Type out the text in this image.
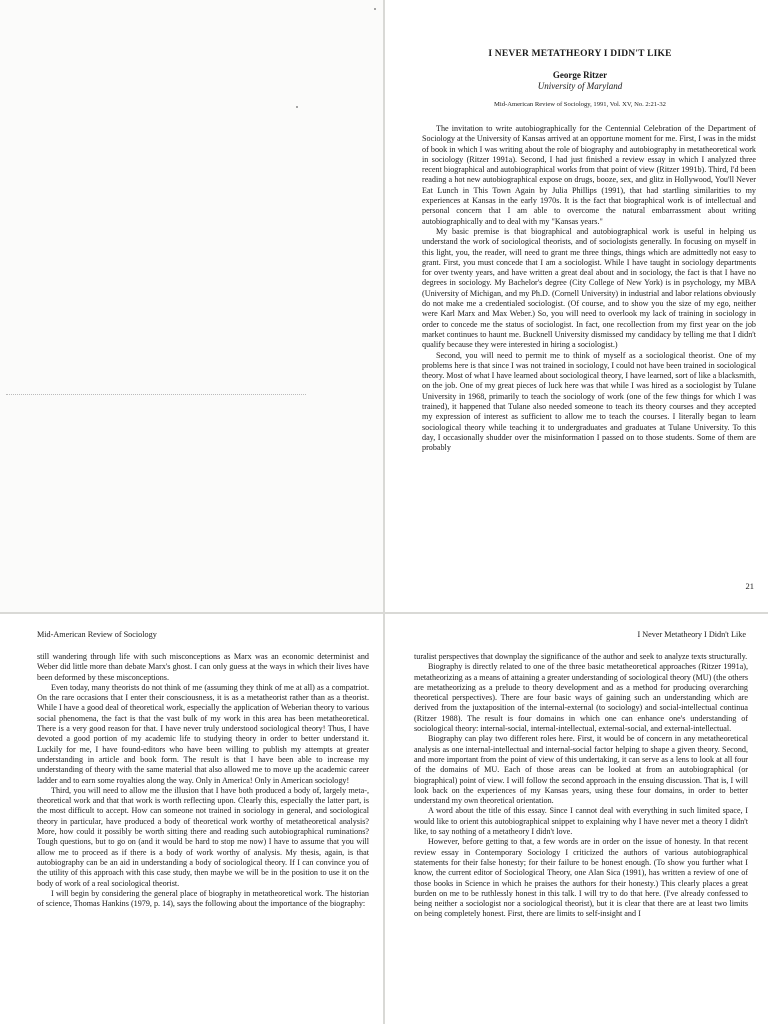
I NEVER METATHEORY I DIDN'T LIKE
George Ritzer
University of Maryland
Mid-American Review of Sociology, 1991, Vol. XV, No. 2:21-32

The invitation to write autobiographically for the Centennial Celebration of the Department of Sociology at the University of Kansas arrived at an opportune moment for me. First, I was in the midst of book in which I was writing about the role of biography and autobiography in metatheoretical work in sociology (Ritzer 1991a). Second, I had just finished a review essay in which I analyzed three recent biographical and autobiographical works from that point of view (Ritzer 1991b). Third, I'd been reading a hot new autobiographical expose on drugs, booze, sex, and glitz in Hollywood, You'll Never Eat Lunch in This Town Again by Julia Phillips (1991), that had startling similarities to my experiences at Kansas in the early 1970s. It is the fact that biographical work is of intellectual and personal concern that I am able to overcome the natural embarrassment about writing autobiographically and to deal with my "Kansas years."

My basic premise is that biographical and autobiographical work is useful in helping us understand the work of sociological theorists, and of sociologists generally. In focusing on myself in this light, you, the reader, will need to grant me three things, things which are admittedly not easy to grant. First, you must concede that I am a sociologist. While I have taught in sociology departments for over twenty years, and have written a great deal about and in sociology, the fact is that I have no degrees in sociology. My Bachelor's degree (City College of New York) is in psychology, my MBA (University of Michigan, and my Ph.D. (Cornell University) in industrial and labor relations obviously do not make me a credentialed sociologist. (Of course, and to show you the size of my ego, neither were Karl Marx and Max Weber.) So, you will need to overlook my lack of training in sociology in order to concede me the status of sociologist. In fact, one recollection from my first year on the job market continues to haunt me. Bucknell University dismissed my candidacy by telling me that I didn't qualify because they were interested in hiring a sociologist.)

Second, you will need to permit me to think of myself as a sociological theorist. One of my problems here is that since I was not trained in sociology, I could not have been trained in sociological theory. Most of what I have learned about sociological theory, I have learned, sort of like a blacksmith, on the job. One of my great pieces of luck here was that while I was hired as a sociologist by Tulane University in 1968, primarily to teach the sociology of work (one of the few things for which I was trained), it happened that Tulane also needed someone to teach its theory courses and they accepted my expression of interest as sufficient to allow me to teach the courses. I literally began to learn sociological theory while teaching it to undergraduates and graduates at Tulane University. To this day, I occasionally shudder over the misinformation I passed on to those students. Some of them are probably

21
Mid-American Review of Sociology

still wandering through life with such misconceptions as Marx was an economic determinist and Weber did little more than debate Marx's ghost. I can only guess at the ways in which their lives have been deformed by these misconceptions.

Even today, many theorists do not think of me (assuming they think of me at all) as a compatriot. On the rare occasions that I enter their consciousness, it is as a metatheorist rather than as a theorist. While I have a good deal of theoretical work, especially the application of Weberian theory to various social phenomena, the fact is that the vast bulk of my work in this area has been metatheoretical. There is a very good reason for that. I have never truly understood sociological theory! Thus, I have devoted a good portion of my academic life to studying theory in order to better understand it. Luckily for me, I have found-editors who have been willing to publish my attempts at greater understanding in article and book form. The result is that I have been able to increase my understanding of theory with the same material that also allowed me to move up the academic career ladder and to earn some royalties along the way. Only in America! Only in American sociology!

Third, you will need to allow me the illusion that I have both produced a body of, largely meta-, theoretical work and that that work is worth reflecting upon. Clearly this, especially the latter part, is the most difficult to accept. How can someone not trained in sociology in general, and sociological theory in particular, have produced a body of theoretical work worthy of metatheoretical analysis? More, how could it possibly be worth sitting there and reading such autobiographical ruminations? Tough questions, but to go on (and it would be hard to stop me now) I have to assume that you will allow me to proceed as if there is a body of work worthy of analysis. My thesis, again, is that autobiography can be an aid in understanding a body of sociological theory. If I can convince you of the utility of this approach with this case study, then maybe we will be in the position to use it on the body of work of a real sociological theorist.

I will begin by considering the general place of biography in metatheoretical work. The historian of science, Thomas Hankins (1979, p. 14), says the following about the importance of the biography:

I Never Metatheory I Didn't Like

turalist perspectives that downplay the significance of the author and seek to analyze texts structurally.

Biography is directly related to one of the three basic metatheoretical approaches (Ritzer 1991a), metatheorizing as a means of attaining a greater understanding of sociological theory (MU) (the others are metatheorizing as a prelude to theory development and as a method for producing overarching theoretical perspectives). There are four basic ways of gaining such an understanding which are derived from the juxtaposition of the internal-external (to sociology) and social-intellectual continua (Ritzer 1988). The result is four domains in which one can enhance one's understanding of sociological theory: internal-social, internal-intellectual, external-social, and external-intellectual.

Biography can play two different roles here. First, it would be of concern in any metatheoretical analysis as one internal-intellectual and internal-social factor helping to shape a given theory. Second, and more important from the point of view of this undertaking, it can serve as a lens to look at all four of the domains of MU. Each of those areas can be looked at from an autobiographical (or biographical) point of view. I will follow the second approach in the ensuing discussion. That is, I will look back on the experiences of my Kansas years, using these four domains, in order to better understand my own theoretical orientation.

A word about the title of this essay. Since I cannot deal with everything in such limited space, I would like to orient this autobiographical snippet to explaining why I have never met a theory I didn't like, to say nothing of a metatheory I didn't love.

However, before getting to that, a few words are in order on the issue of honesty. In that recent review essay in Contemporary Sociology I criticized the authors of various autobiographical statements for their false honesty; for their failure to be honest enough. (To show you further what I know, the current editor of Sociological Theory, one Alan Sica (1991), has written a review of one of those books in Science in which he praises the authors for their honesty.) This clearly places a great burden on me to be ruthlessly honest in this talk. I will try to do that here. (I've already confessed to being neither a sociologist nor a sociological theorist), but it is clear that there are at least two limits on being completely honest. First, there are limits to self-insight and I
